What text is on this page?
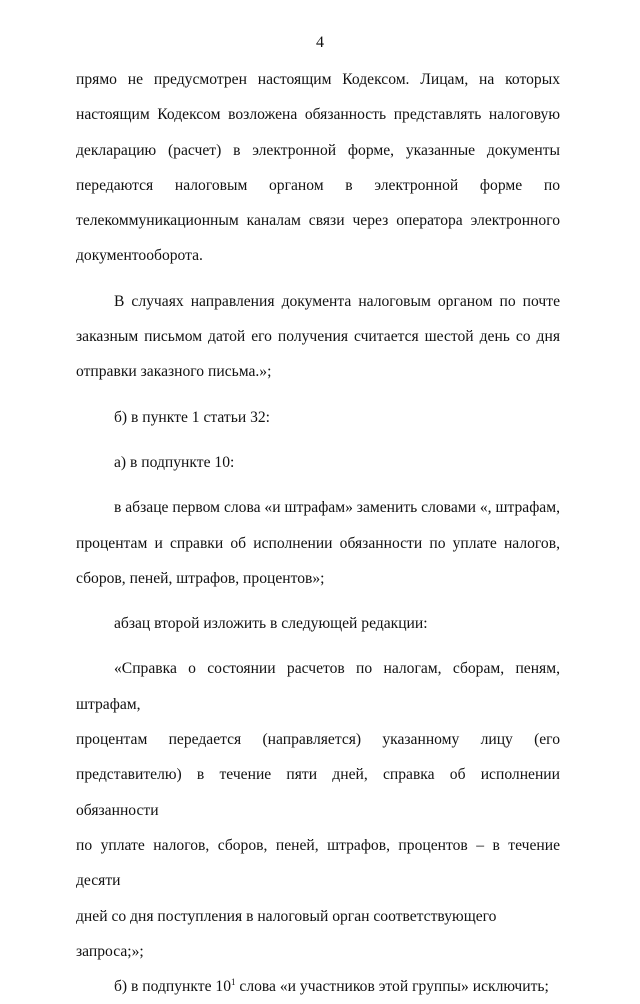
4

прямо не предусмотрен настоящим Кодексом. Лицам, на которых

настоящим Кодексом возложена обязанность представлять налоговую

декларацию (расчет) в электронной форме, указанные документы

передаются налоговым органом в электронной форме по

телекоммуникационным каналам связи через оператора электронного

документооборота.

В случаях направления документа налоговым органом по почте

заказным письмом датой его получения считается шестой день со дня

отправки заказного письма.»;

б) в пункте 1 статьи 32:

а) в подпункте 10:

в абзаце первом слова «и штрафам» заменить словами «, штрафам,

процентам и справки об исполнении обязанности по уплате налогов,

сборов, пеней, штрафов, процентов»;

абзац второй изложить в следующей редакции:

«Справка о состоянии расчетов по налогам, сборам, пеням, штрафам,

процентам передается (направляется) указанному лицу (его

представителю) в течение пяти дней, справка об исполнении обязанности

по уплате налогов, сборов, пеней, штрафов, процентов – в течение десяти

дней со дня поступления в налоговый орган соответствующего запроса;»;

б) в подпункте $10^1$ слова «и участников этой группы» исключить;
